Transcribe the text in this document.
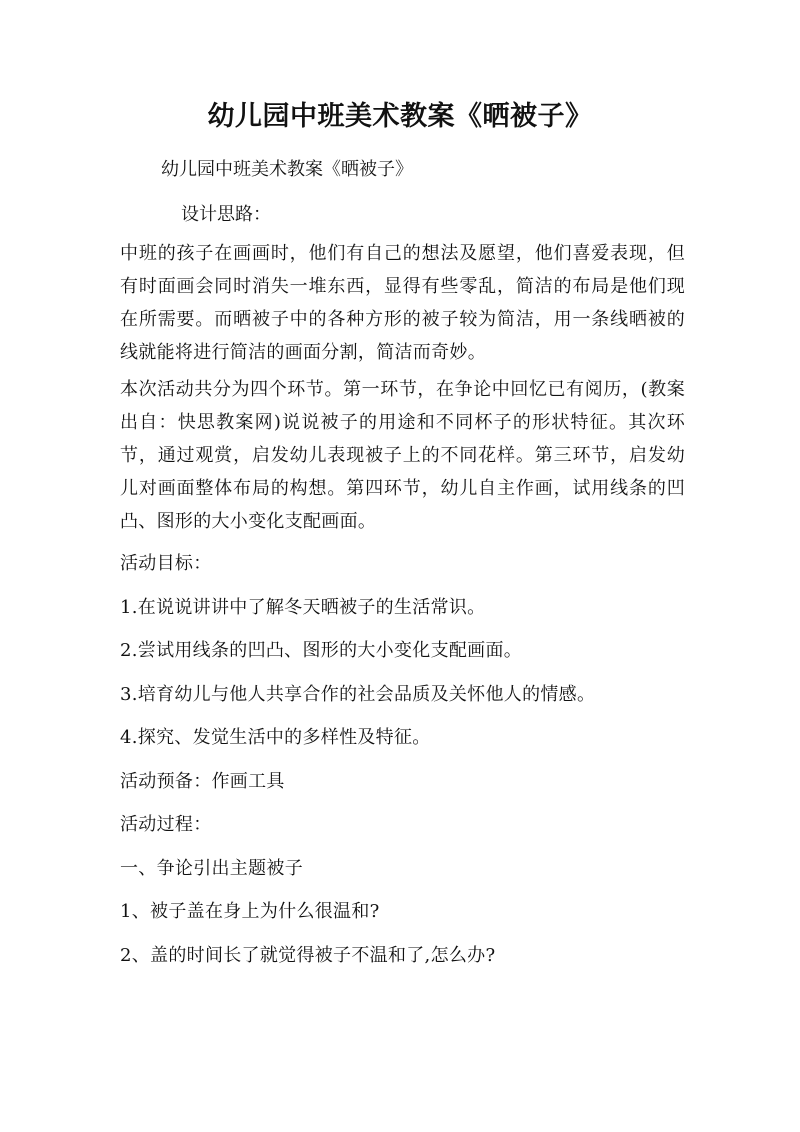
幼儿园中班美术教案《晒被子》
幼儿园中班美术教案《晒被子》
设计思路：

中班的孩子在画画时，他们有自己的想法及愿望，他们喜爱表现，但有时面画会同时消失一堆东西，显得有些零乱，简洁的布局是他们现在所需要。而晒被子中的各种方形的被子较为简洁，用一条线晒被的线就能将进行简洁的画面分割，简洁而奇妙。

本次活动共分为四个环节。第一环节，在争论中回忆已有阅历，(教案出自：快思教案网)说说被子的用途和不同杯子的形状特征。其次环节，通过观赏，启发幼儿表现被子上的不同花样。第三环节，启发幼儿对画面整体布局的构想。第四环节，幼儿自主作画，试用线条的凹凸、图形的大小变化支配画面。

活动目标：

1.在说说讲讲中了解冬天晒被子的生活常识。

2.尝试用线条的凹凸、图形的大小变化支配画面。

3.培育幼儿与他人共享合作的社会品质及关怀他人的情感。

4.探究、发觉生活中的多样性及特征。

活动预备：作画工具

活动过程：

一、争论引出主题被子

1、被子盖在身上为什么很温和?

2、盖的时间长了就觉得被子不温和了,怎么办?
